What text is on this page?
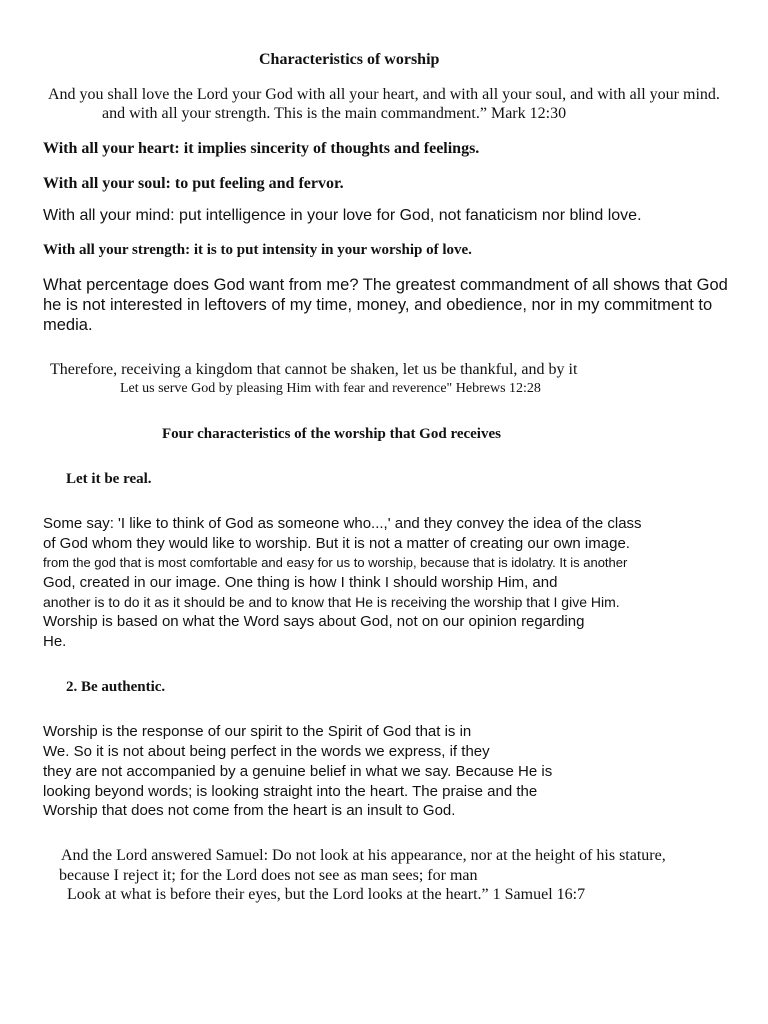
Characteristics of worship
And you shall love the Lord your God with all your heart, and with all your soul, and with all your mind.
and with all your strength. This is the main commandment.” Mark 12:30
With all your heart: it implies sincerity of thoughts and feelings.
With all your soul: to put feeling and fervor.
With all your mind: put intelligence in your love for God, not fanaticism nor blind love.
With all your strength: it is to put intensity in your worship of love.
What percentage does God want from me? The greatest commandment of all shows that God
he is not interested in leftovers of my time, money, and obedience, nor in my commitment to
media.
Therefore, receiving a kingdom that cannot be shaken, let us be thankful, and by it
Let us serve God by pleasing Him with fear and reverence" Hebrews 12:28
Four characteristics of the worship that God receives
Let it be real.
Some say: 'I like to think of God as someone who...,' and they convey the idea of the class
of God whom they would like to worship. But it is not a matter of creating our own image.
from the god that is most comfortable and easy for us to worship, because that is idolatry. It is another
God, created in our image. One thing is how I think I should worship Him, and
another is to do it as it should be and to know that He is receiving the worship that I give Him.
Worship is based on what the Word says about God, not on our opinion regarding
He.
2. Be authentic.
Worship is the response of our spirit to the Spirit of God that is in
We. So it is not about being perfect in the words we express, if they
they are not accompanied by a genuine belief in what we say. Because He is
looking beyond words; is looking straight into the heart. The praise and the
Worship that does not come from the heart is an insult to God.
And the Lord answered Samuel: Do not look at his appearance, nor at the height of his stature,
because I reject it; for the Lord does not see as man sees; for man
Look at what is before their eyes, but the Lord looks at the heart.” 1 Samuel 16:7
